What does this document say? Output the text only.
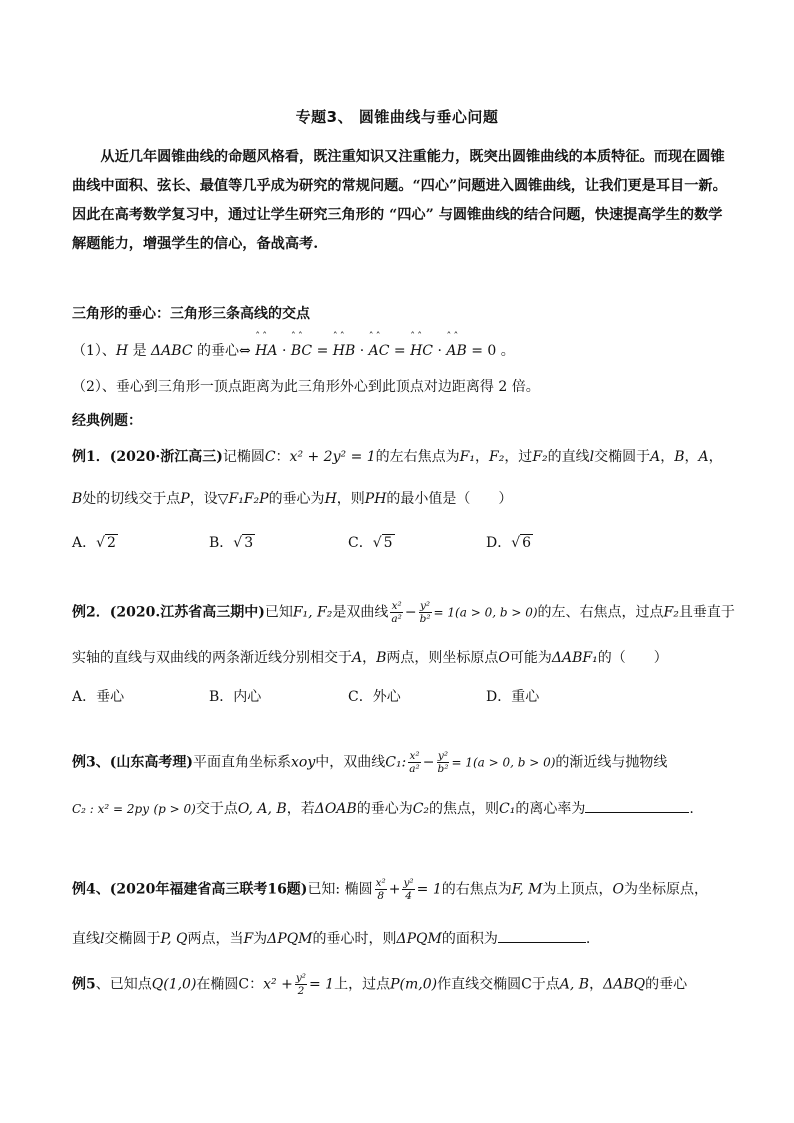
专题3、 圆锥曲线与垂心问题

从近几年圆锥曲线的命题风格看，既注重知识又注重能力，既突出圆锥曲线的本质特征。而现在圆锥

曲线中面积、弦长、最值等几乎成为研究的常规问题。“四心”问题进入圆锥曲线，让我们更是耳目一新。
因此在高考数学复习中，通过让学生研究三角形的 “四心” 与圆锥曲线的结合问题，快速提高学生的数学
解题能力，增强学生的信心，备战高考.
三角形的垂心：三角形三条高线的交点
（1）、H 是 ΔABC 的垂心⇔ ˆˆ HA · ˆˆ BC = ˆˆ HB · ˆˆ AC = ˆˆ HC · ˆˆ AB = 0 。
（2）、垂心到三角形一顶点距离为此三角形外心到此顶点对边距离得 2 倍。
经典例题：
例1．(2020·浙江高三)记椭圆C：x² + 2y² = 1的左右焦点为F₁，F₂，过F₂的直线l交椭圆于A，B，A，
B处的切线交于点P，设▽F₁F₂P的垂心为H，则PH的最小值是（　　）
A．√ 2	B．√ 3	C．√ 5	D．√ 6
例2．(2020.江苏省高三期中)已知F₁, F₂是双曲线 $\frac{\text{x²}}{\text{a²}} - \frac{\text{y²}}{\text{b²}} = 1(a > 0$, b > 0)的左、右焦点，过点F₂且垂直于
实轴的直线与双曲线的两条渐近线分别相交于A，B两点，则坐标原点O可能为ΔABF₁的（　　）
A．垂心	B．内心	C．外心	D．重心
例3、(山东高考理)平面直角坐标系xoy中，双曲线C₁: $\frac{\text{x²}}{\text{a²}} - \frac{\text{y²}}{\text{b²}} = 1(a > 0$, b > 0)的渐近线与抛物线
C₂ : x² = 2py (p > 0)交于点O, A, B，若ΔOAB的垂心为C₂的焦点，则C₁的离心率为	.
例4、(2020年福建省高三联考16题)已知: 椭圆 $\frac{\text{x²}}{8} + \frac{\text{y²}}{4} = 1$的右焦点为F, M为上顶点，O为坐标原点，
直线l交椭圆于P, Q两点，当F为ΔPQM的垂心时，则ΔPQM的面积为	.
例5、已知点Q(1,0)在椭圆C：$x^2 + \frac{\text{y²}}{2} = 1$上，过点P(m,0)作直线交椭圆C于点A, B，ΔABQ的垂心
